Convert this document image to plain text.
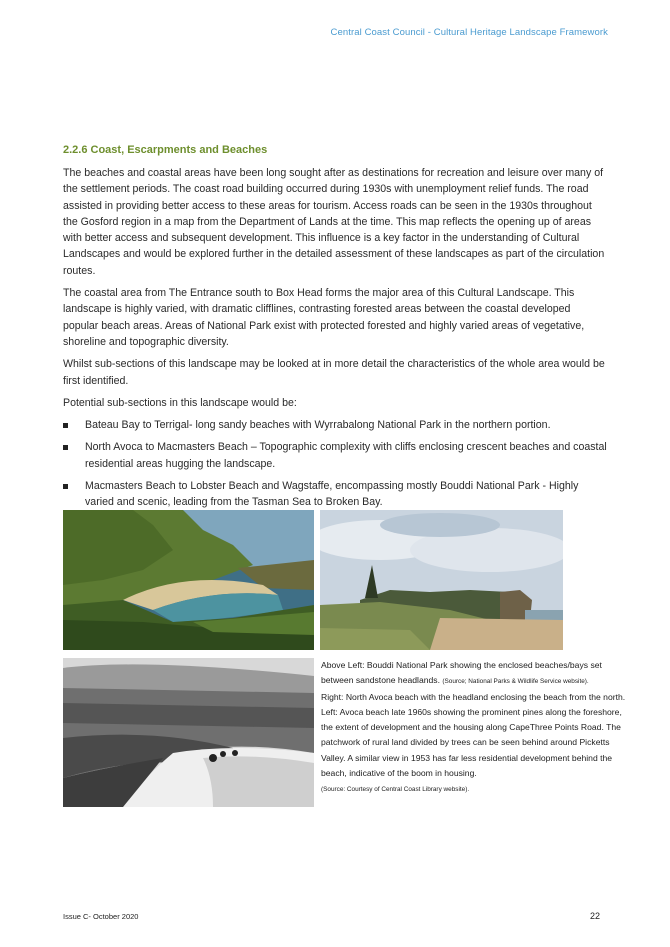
Central Coast Council - Cultural Heritage Landscape Framework
2.2.6 Coast, Escarpments and Beaches

The beaches and coastal areas have been long sought after as destinations for recreation and leisure over many of the settlement periods. The coast road building occurred during 1930s with unemployment relief funds. The road assisted in providing better access to these areas for tourism. Access roads can be seen in the 1930s throughout the Gosford region in a map from the Department of Lands at the time. This map reflects the opening up of areas with better access and subsequent development. This influence is a key factor in the understanding of Cultural Landscapes and would be explored further in the detailed assessment of these landscapes as part of the circulation routes.

The coastal area from The Entrance south to Box Head forms the major area of this Cultural Landscape. This landscape is highly varied, with dramatic clifflines, contrasting forested areas between the coastal developed popular beach areas. Areas of National Park exist with protected forested and highly varied areas of vegetative, shoreline and topographic diversity.

Whilst sub-sections of this landscape may be looked at in more detail the characteristics of the whole area would be first identified.

Potential sub-sections in this landscape would be:

Bateau Bay to Terrigal- long sandy beaches with Wyrrabalong National Park in the northern portion.
North Avoca to Macmasters Beach – Topographic complexity with cliffs enclosing crescent beaches and coastal residential areas hugging the landscape.
Macmasters Beach to Lobster Beach and Wagstaffe, encompassing mostly Bouddi National Park - Highly varied and scenic, leading from the Tasman Sea to Broken Bay.
Above Left: Bouddi National Park showing the enclosed beaches/bays set between sandstone headlands. (Source; National Parks & Wildlife Service website).
Right: North Avoca beach with the headland enclosing the beach from the north.
Left: Avoca beach late 1960s showing the prominent pines along the foreshore, the extent of development and the housing along CapeThree Points Road. The patchwork of rural land divided by trees can be seen behind around Picketts Valley. A similar view in 1953 has far less residential development behind the beach, indicative of the boom in housing.
(Source: Courtesy of Central Coast Library website).
Issue C- October 2020	22
